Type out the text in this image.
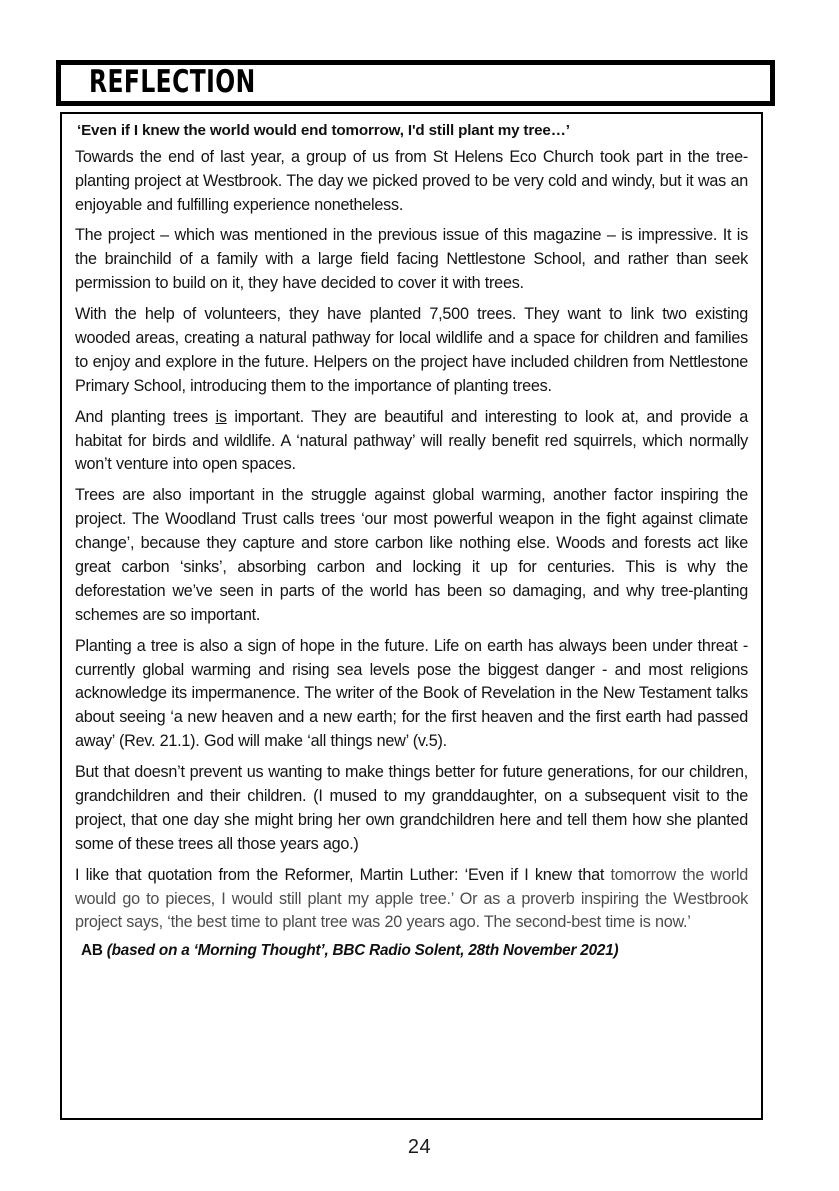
REFLECTION
‘Even if I knew the world would end tomorrow, I'd still plant my tree…’

Towards the end of last year, a group of us from St Helens Eco Church took part in the tree-planting project at Westbrook. The day we picked proved to be very cold and windy, but it was an enjoyable and fulfilling experience nonetheless.

The project – which was mentioned in the previous issue of this magazine – is impressive. It is the brainchild of a family with a large field facing Nettlestone School, and rather than seek permission to build on it, they have decided to cover it with trees.

With the help of volunteers, they have planted 7,500 trees. They want to link two existing wooded areas, creating a natural pathway for local wildlife and a space for children and families to enjoy and explore in the future. Helpers on the project have included children from Nettlestone Primary School, introducing them to the importance of planting trees.

And planting trees is important. They are beautiful and interesting to look at, and provide a habitat for birds and wildlife. A ‘natural pathway’ will really benefit red squirrels, which normally won’t venture into open spaces.

Trees are also important in the struggle against global warming, another factor inspiring the project. The Woodland Trust calls trees ‘our most powerful weapon in the fight against climate change’, because they capture and store carbon like nothing else. Woods and forests act like great carbon ‘sinks’, absorbing carbon and locking it up for centuries. This is why the deforestation we’ve seen in parts of the world has been so damaging, and why tree-planting schemes are so important.

Planting a tree is also a sign of hope in the future. Life on earth has always been under threat - currently global warming and rising sea levels pose the biggest danger - and most religions acknowledge its impermanence. The writer of the Book of Revelation in the New Testament talks about seeing ‘a new heaven and a new earth; for the first heaven and the first earth had passed away’ (Rev. 21.1). God will make ‘all things new’ (v.5).

But that doesn’t prevent us wanting to make things better for future generations, for our children, grandchildren and their children. (I mused to my granddaughter, on a subsequent visit to the project, that one day she might bring her own grandchildren here and tell them how she planted some of these trees all those years ago.)

I like that quotation from the Reformer, Martin Luther: ‘Even if I knew that tomorrow the world would go to pieces, I would still plant my apple tree.’ Or as a proverb inspiring the Westbrook project says, ‘the best time to plant tree was 20 years ago. The second-best time is now.’

AB (based on a ‘Morning Thought’, BBC Radio Solent, 28th November 2021)
24
